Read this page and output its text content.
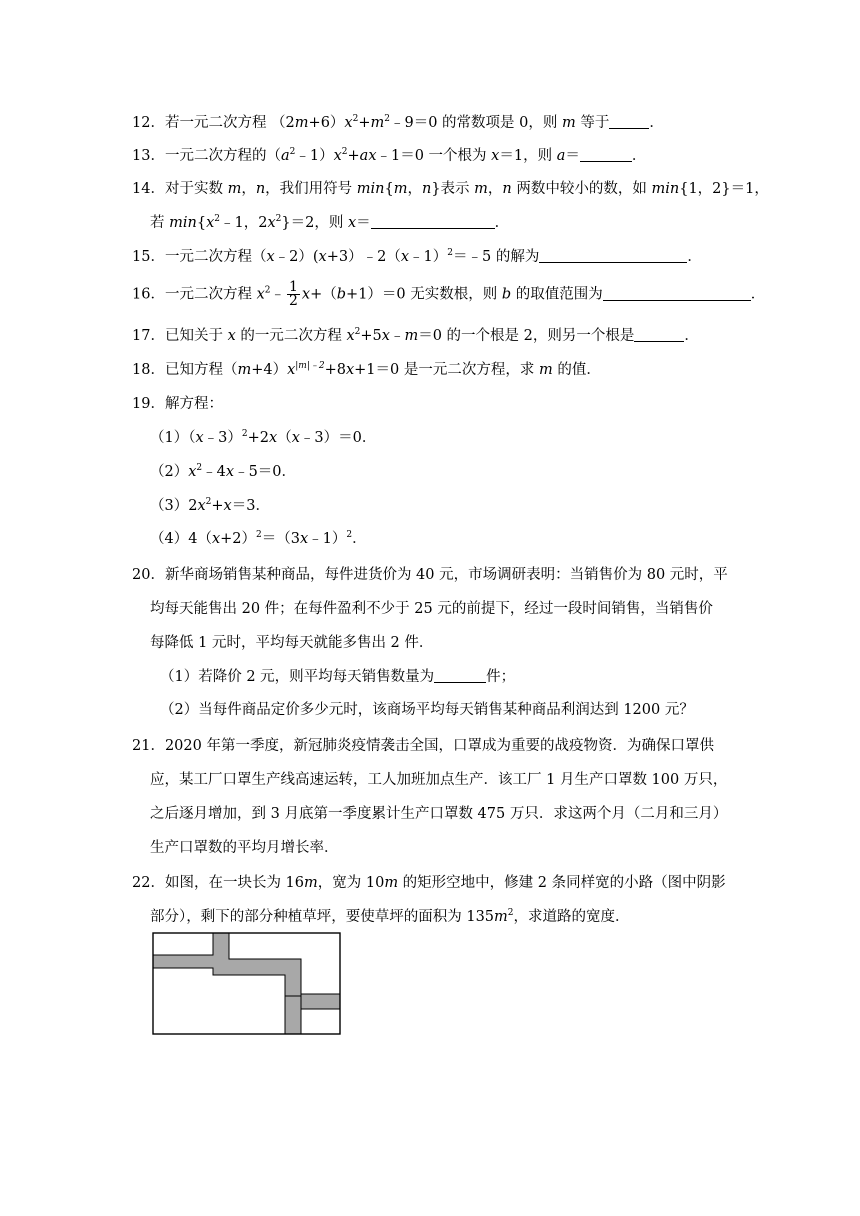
12．若一元二次方程 $(2m+6)x^2+m^2﹣9=0$ 的常数项是 0，则 m 等于	．
13．一元二次方程的$(a^2﹣1)x^2+ax﹣1=0$ 一个根为 x＝1，则 a＝	．
14．对于实数 m，n，我们用符号 min{m，n}表示 m，n 两数中较小的数，如 min{1，2}＝1，
若 $\min\{x^2﹣1$，$2x^2\}=2$，则 x＝	．
15．一元二次方程（x﹣2）(x+3）﹣2（x﹣1）$^2$＝﹣5 的解为	．
16．一元二次方程 $x^2﹣ \frac{1}{2} x+(b+1)=0$ 无实数根，则 b 的取值范围为	．
17．已知关于 x 的一元二次方程 $x^2+5x﹣m=0$ 的一个根是 2，则另一个根是	．
18．已知方程$(m+4)x^{|m|﹣2}+8x+1=0$ 是一元二次方程，求 m 的值．
19．解方程：
（1）（x﹣3）$^2$+2x（x﹣3）＝0．
$(2)x^2﹣4x﹣5=0$．
$(3)2x^2+x=3$．
$(4)4(x+2)^2=(3x﹣1)^2$．
20．新华商场销售某种商品，每件进货价为 40 元，市场调研表明：当销售价为 80 元时，平
均每天能售出 20 件；在每件盈利不少于 25 元的前提下，经过一段时间销售，当销售价
每降低 1 元时，平均每天就能多售出 2 件．
（1）若降价 2 元，则平均每天销售数量为	件；
（2）当每件商品定价多少元时，该商场平均每天销售某种商品利润达到 1200 元？
21．2020 年第一季度，新冠肺炎疫情袭击全国，口罩成为重要的战疫物资．为确保口罩供
应，某工厂口罩生产线高速运转，工人加班加点生产．该工厂 1 月生产口罩数 100 万只，
之后逐月增加，到 3 月底第一季度累计生产口罩数 475 万只．求这两个月（二月和三月）
生产口罩数的平均月增长率．
22．如图，在一块长为 16m，宽为 10m 的矩形空地中，修建 2 条同样宽的小路（图中阴影
部分），剩下的部分种植草坪，要使草坪的面积为 $135m^2$，求道路的宽度．
